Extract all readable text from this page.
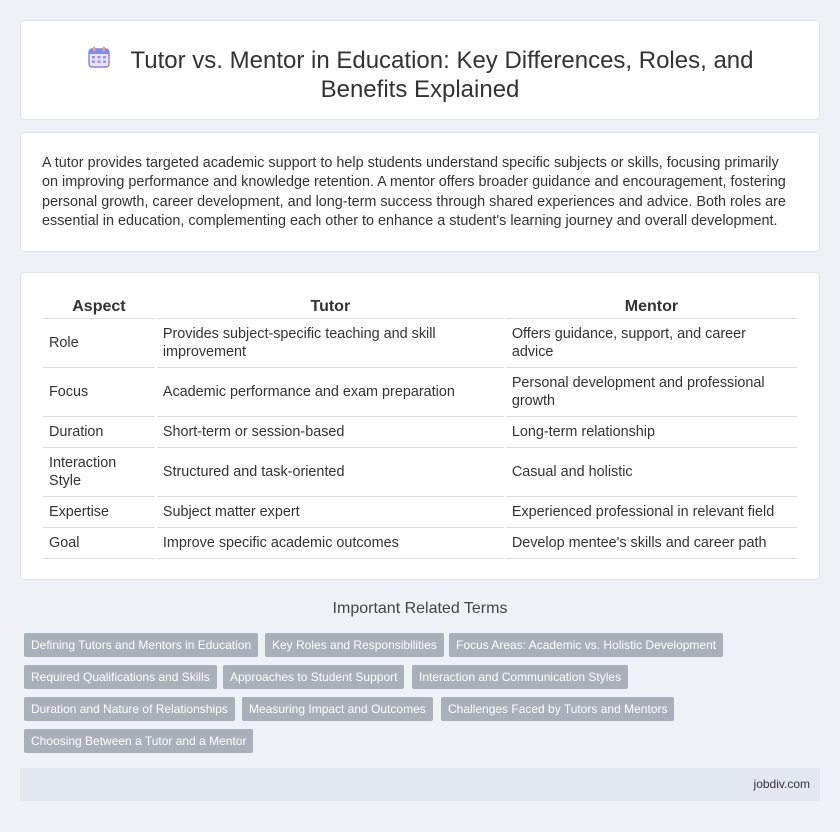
Tutor vs. Mentor in Education: Key Differences, Roles, and Benefits Explained

A tutor provides targeted academic support to help students understand specific subjects or skills, focusing primarily on improving performance and knowledge retention. A mentor offers broader guidance and encouragement, fostering personal growth, career development, and long-term success through shared experiences and advice. Both roles are essential in education, complementing each other to enhance a student's learning journey and overall development.

Aspect	Tutor	Mentor
Role	Provides subject-specific teaching and skill improvement	Offers guidance, support, and career advice
Focus	Academic performance and exam preparation	Personal development and professional growth
Duration	Short-term or session-based	Long-term relationship
Interaction Style	Structured and task-oriented	Casual and holistic
Expertise	Subject matter expert	Experienced professional in relevant field
Goal	Improve specific academic outcomes	Develop mentee's skills and career path
Important Related Terms
Defining Tutors and Mentors in Education	Key Roles and Responsibilities	Focus Areas: Academic vs. Holistic Development
Required Qualifications and Skills	Approaches to Student Support	Interaction and Communication Styles
Duration and Nature of Relationships	Measuring Impact and Outcomes	Challenges Faced by Tutors and Mentors
Choosing Between a Tutor and a Mentor
jobdiv.com
